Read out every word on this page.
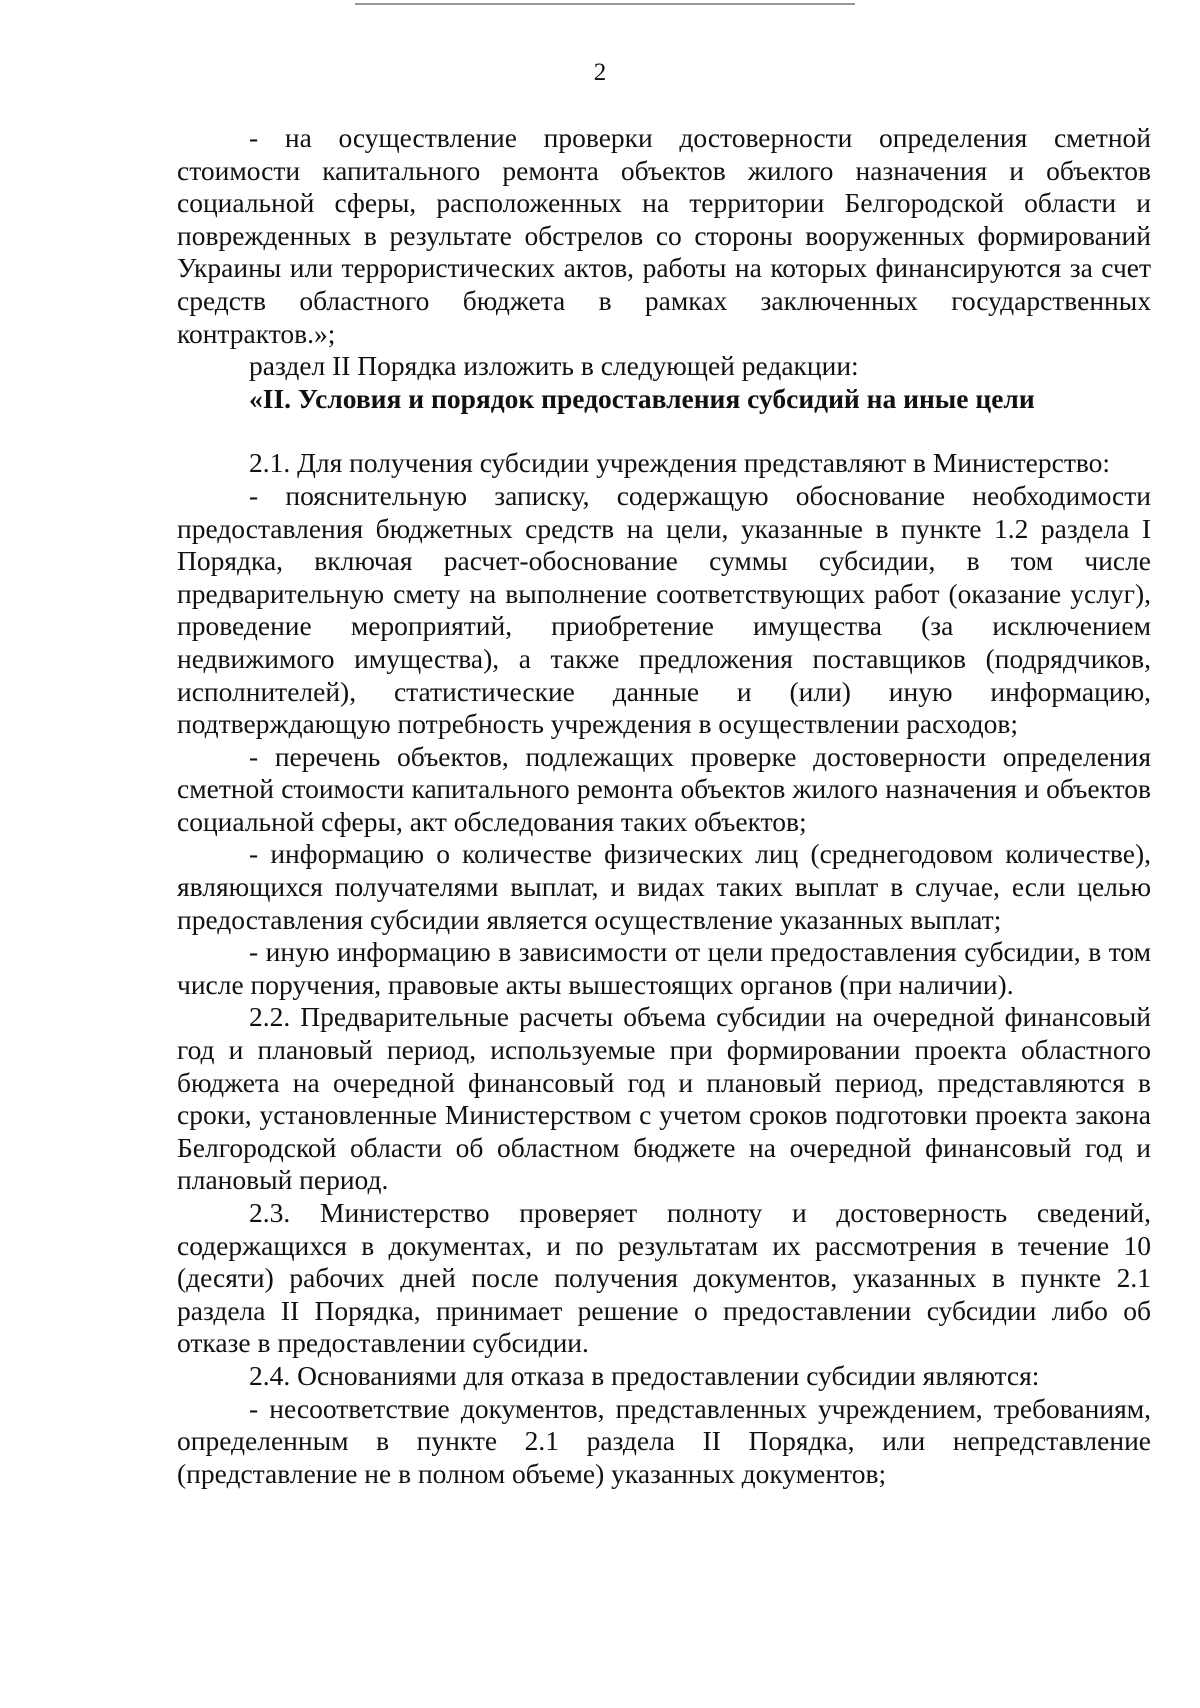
2

- на осуществление проверки достоверности определения сметной стоимости капитального ремонта объектов жилого назначения и объектов социальной сферы, расположенных на территории Белгородской области и поврежденных в результате обстрелов со стороны вооруженных формирований Украины или террористических актов, работы на которых финансируются за счет средств областного бюджета в рамках заключенных государственных контрактов.»;

раздел II Порядка изложить в следующей редакции:

«II. Условия и порядок предоставления субсидий на иные цели

2.1. Для получения субсидии учреждения представляют в Министерство:

- пояснительную записку, содержащую обоснование необходимости предоставления бюджетных средств на цели, указанные в пункте 1.2 раздела I Порядка, включая расчет-обоснование суммы субсидии, в том числе предварительную смету на выполнение соответствующих работ (оказание услуг), проведение мероприятий, приобретение имущества (за исключением недвижимого имущества), а также предложения поставщиков (подрядчиков, исполнителей), статистические данные и (или) иную информацию, подтверждающую потребность учреждения в осуществлении расходов;

- перечень объектов, подлежащих проверке достоверности определения сметной стоимости капитального ремонта объектов жилого назначения и объектов социальной сферы, акт обследования таких объектов;

- информацию о количестве физических лиц (среднегодовом количестве), являющихся получателями выплат, и видах таких выплат в случае, если целью предоставления субсидии является осуществление указанных выплат;

- иную информацию в зависимости от цели предоставления субсидии, в том числе поручения, правовые акты вышестоящих органов (при наличии).

2.2. Предварительные расчеты объема субсидии на очередной финансовый год и плановый период, используемые при формировании проекта областного бюджета на очередной финансовый год и плановый период, представляются в сроки, установленные Министерством с учетом сроков подготовки проекта закона Белгородской области об областном бюджете на очередной финансовый год и плановый период.

2.3. Министерство проверяет полноту и достоверность сведений, содержащихся в документах, и по результатам их рассмотрения в течение 10 (десяти) рабочих дней после получения документов, указанных в пункте 2.1 раздела II Порядка, принимает решение о предоставлении субсидии либо об отказе в предоставлении субсидии.

2.4. Основаниями для отказа в предоставлении субсидии являются:

- несоответствие документов, представленных учреждением, требованиям, определенным в пункте 2.1 раздела II Порядка, или непредставление (представление не в полном объеме) указанных документов;
